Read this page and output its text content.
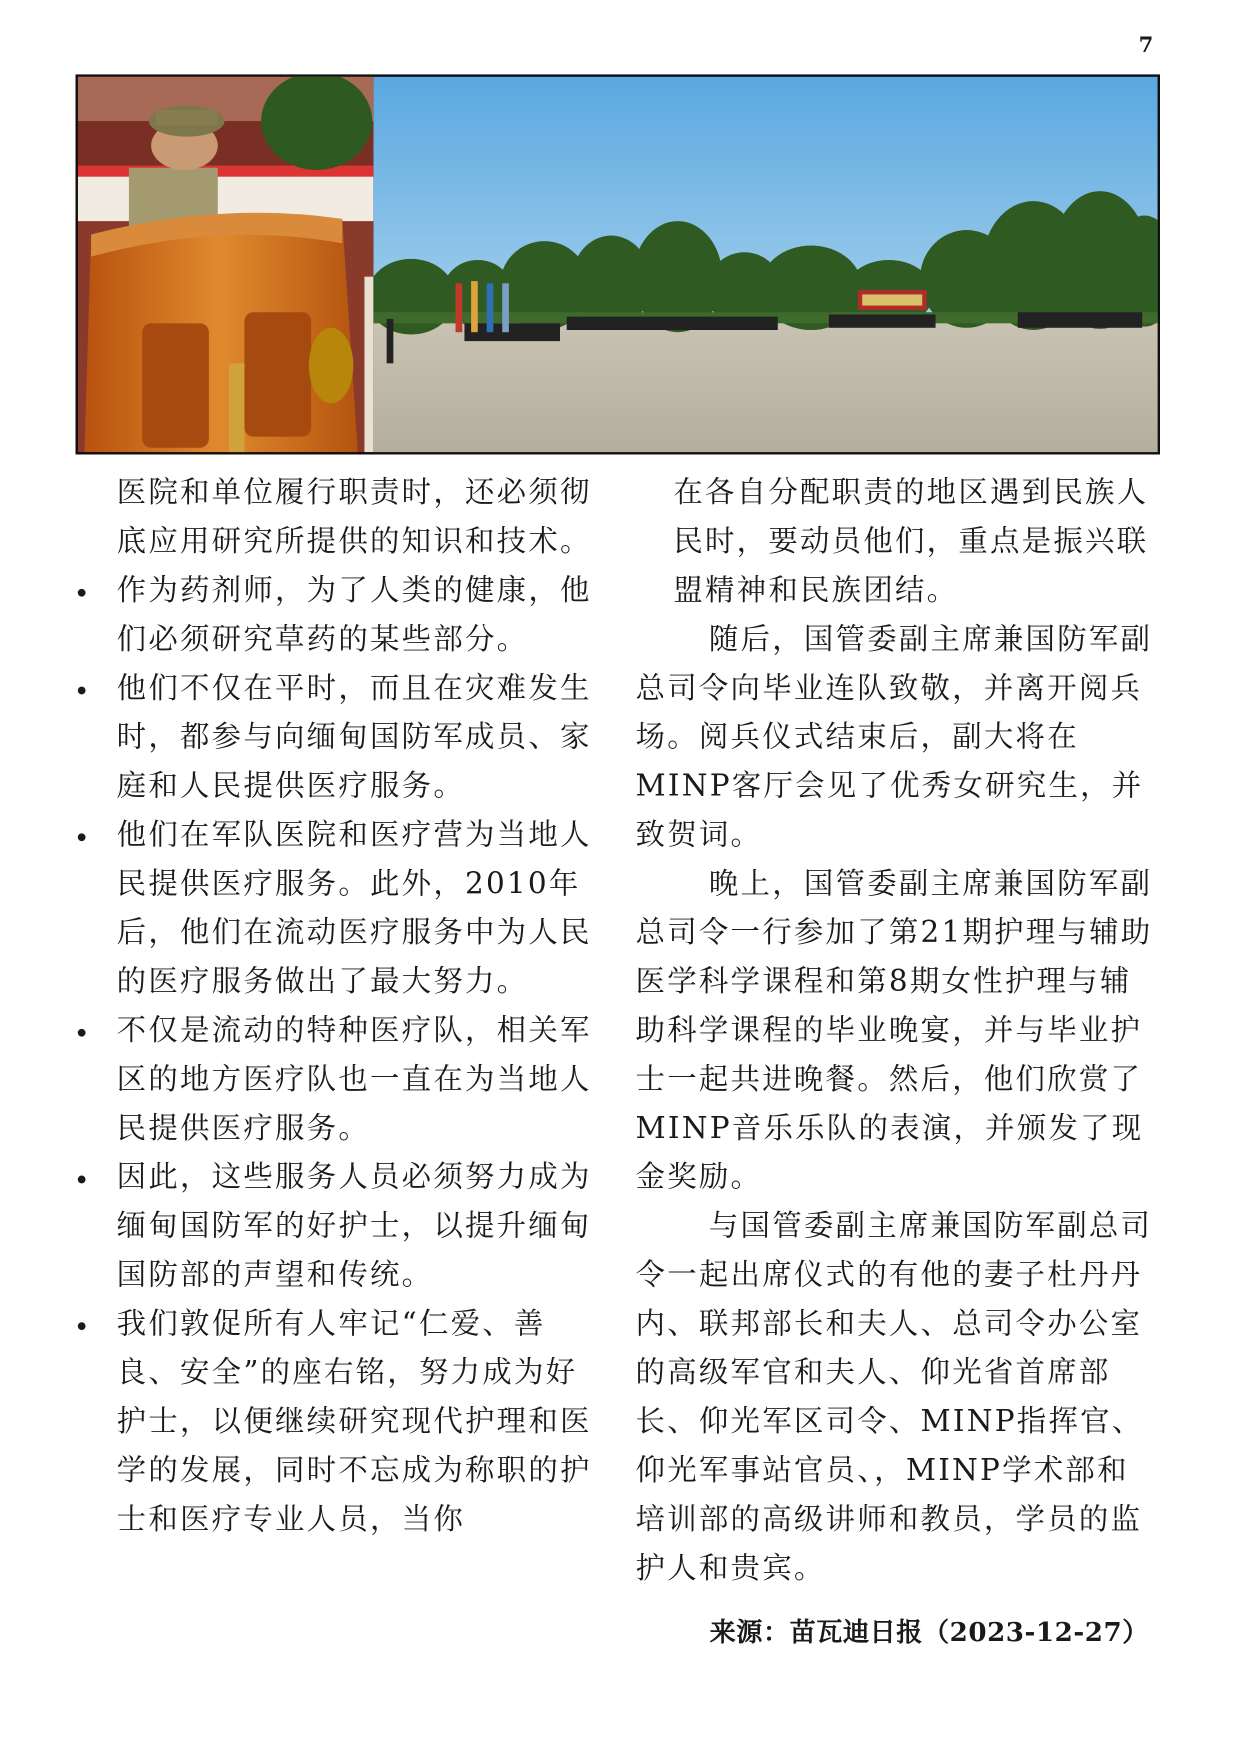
7

医院和单位履行职责时，还必须彻底应用研究所提供的知识和技术。

作为药剂师，为了人类的健康，他们必须研究草药的某些部分。
他们不仅在平时，而且在灾难发生时，都参与向缅甸国防军成员、家庭和人民提供医疗服务。
他们在军队医院和医疗营为当地人民提供医疗服务。此外，2010年后，他们在流动医疗服务中为人民的医疗服务做出了最大努力。
不仅是流动的特种医疗队，相关军区的地方医疗队也一直在为当地人民提供医疗服务。
因此，这些服务人员必须努力成为缅甸国防军的好护士，以提升缅甸国防部的声望和传统。
我们敦促所有人牢记“仁爱、善良、安全”的座右铭，努力成为好护士，以便继续研究现代护理和医学的发展，同时不忘成为称职的护士和医疗专业人员，当你

在各自分配职责的地区遇到民族人民时，要动员他们，重点是振兴联盟精神和民族团结。

随后，国管委副主席兼国防军副总司令向毕业连队致敬，并离开阅兵场。阅兵仪式结束后，副大将在MINP客厅会见了优秀女研究生，并致贺词。

晚上，国管委副主席兼国防军副总司令一行参加了第21期护理与辅助医学科学课程和第8期女性护理与辅助科学课程的毕业晚宴，并与毕业护士一起共进晚餐。然后，他们欣赏了MINP音乐乐队的表演，并颁发了现金奖励。

与国管委副主席兼国防军副总司令一起出席仪式的有他的妻子杜丹丹内、联邦部长和夫人、总司令办公室的高级军官和夫人、仰光省首席部长、仰光军区司令、MINP指挥官、仰光军事站官员、，MINP学术部和培训部的高级讲师和教员，学员的监护人和贵宾。

来源：苗瓦迪日报（2023-12-27）
